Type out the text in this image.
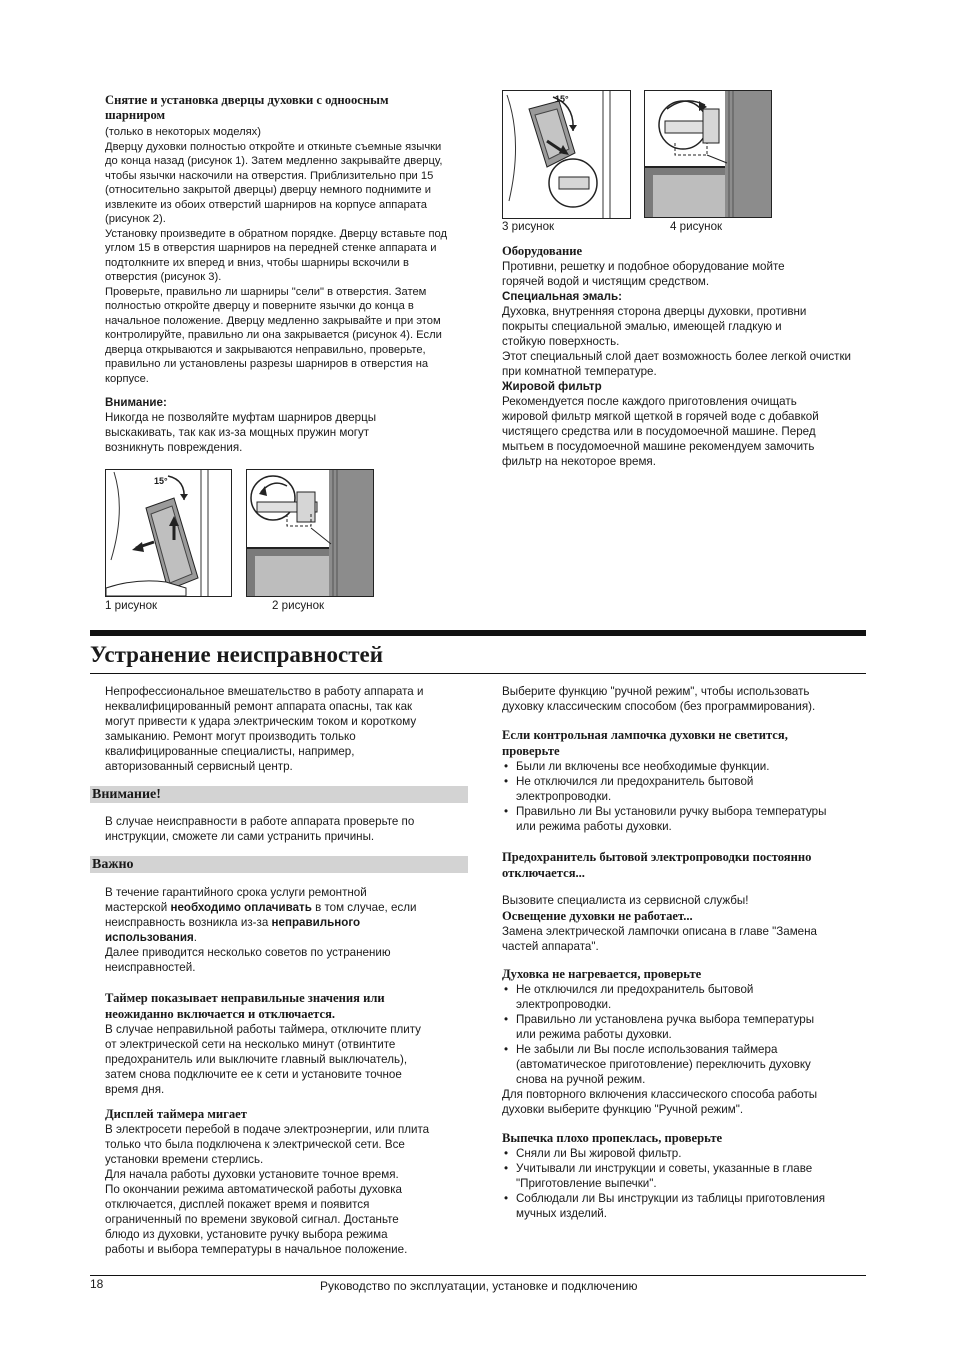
Снятие и установка дверцы духовки с одноосным шарниром

(только в некоторых моделях)

Дверцу духовки полностью откройте и откиньте съемные язычки

до конца назад (рисунок 1). Затем медленно закрывайте дверцу,

чтобы язычки наскочили на отверстия. Приблизительно при 15

(относительно закрытой дверцы) дверцу немного поднимите и

извлеките из обоих отверстий шарниров на корпусе аппарата

(рисунок 2).

Установку произведите в обратном порядке. Дверцу вставьте под

углом 15 в отверстия шарниров на передней стенке аппарата и

подтолкните их вперед и вниз, чтобы шарниры вскочили в

отверстия (рисунок 3).

Проверьте, правильно ли шарниры "сели" в отверстия. Затем

полностью откройте дверцу и поверните язычки до конца в

начальное положение. Дверцу медленно закрывайте и при этом

контролируйте, правильно ли она закрывается (рисунок 4). Если

дверца открываются и закрываются неправильно, проверьте,

правильно ли установлены разрезы шарниров в отверстия на

корпусе.

Внимание:

Никогда не позволяйте муфтам шарниров дверцы

выскакивать, так как из-за мощных пружин могут

возникнуть повреждения.

15°
1 рисунок	2 рисунок
15°
3 рисунок	4 рисунок

Оборудование

Противни, решетку и подобное оборудование мойте

горячей водой и чистящим средством.

Специальная эмаль:

Духовка, внутренняя сторона дверцы духовки, противни

покрыты специальной эмалью, имеющей гладкую и

стойкую поверхность.

Этот специальный слой дает возможность более легкой очистки

при комнатной температуре.

Жировой фильтр

Рекомендуется после каждого приготовления очищать

жировой фильтр мягкой щеткой в горячей воде с добавкой

чистящего средства или в посудомоечной машине. Перед

мытьем в посудомоечной машине рекомендуем замочить

фильтр на некоторое время.

Устранение неисправностей

Непрофессиональное вмешательство в работу аппарата и

неквалифицированный ремонт аппарата опасны, так как

могут привести к удара электрическим током и короткому

замыканию. Ремонт могут производить только

квалифицированные специалисты, например,

авторизованный сервисный центр.

Внимание!

В случае неисправности в работе аппарата проверьте по

инструкции, сможете ли сами устранить причины.

Важно

В течение гарантийного срока услуги ремонтной

мастерской необходимо оплачивать в том случае, если

неисправность возникла из-за неправильного

использования.

Далее приводится несколько советов по устранению

неисправностей.

Таймер показывает неправильные значения или

неожиданно включается и отключается.

В случае неправильной работы таймера, отключите плиту

от электрической сети на несколько минут (отвинтите

предохранитель или выключите главный выключатель),

затем снова подключите ее к сети и установите точное

время дня.

Дисплей таймера мигает

В электросети перебой в подаче электроэнергии, или плита

только что была подключена к электрической сети. Все

установки времени стерлись.

Для начала работы духовки установите точное время.

По окончании режима автоматической работы духовка

отключается, дисплей покажет время и появится

ограниченный по времени звуковой сигнал. Достаньте

блюдо из духовки, установите ручку выбора режима

работы и выбора температуры в начальное положение.

Выберите функцию "ручной режим", чтобы использовать

духовку классическим способом (без программирования).

Если контрольная лампочка духовки не светится,

проверьте

• Были ли включены все необходимые функции.

• Не отключился ли предохранитель бытовой

электропроводки.

• Правильно ли Вы установили ручку выбора температуры

или режима работы духовки.

Предохранитель бытовой электропроводки постоянно

отключается...

Вызовите специалиста из сервисной службы!

Освещение духовки не работает...

Замена электрической лампочки описана в главе "Замена

частей аппарата".

Духовка не нагревается, проверьте

• Не отключился ли предохранитель бытовой

электропроводки.

• Правильно ли установлена ручка выбора температуры

или режима работы духовки.

• Не забыли ли Вы после использования таймера

(автоматическое приготовление) переключить духовку

снова на ручной режим.

Для повторного включения классического способа работы

духовки выберите функцию "Ручной режим".

Выпечка плохо пропеклась, проверьте

• Сняли ли Вы жировой фильтр.

• Учитывали ли инструкции и советы, указанные в главе

"Приготовление выпечки".

• Соблюдали ли Вы инструкции из таблицы приготовления

мучных изделий.

18	Руководство по эксплуатации, установке и подключению
